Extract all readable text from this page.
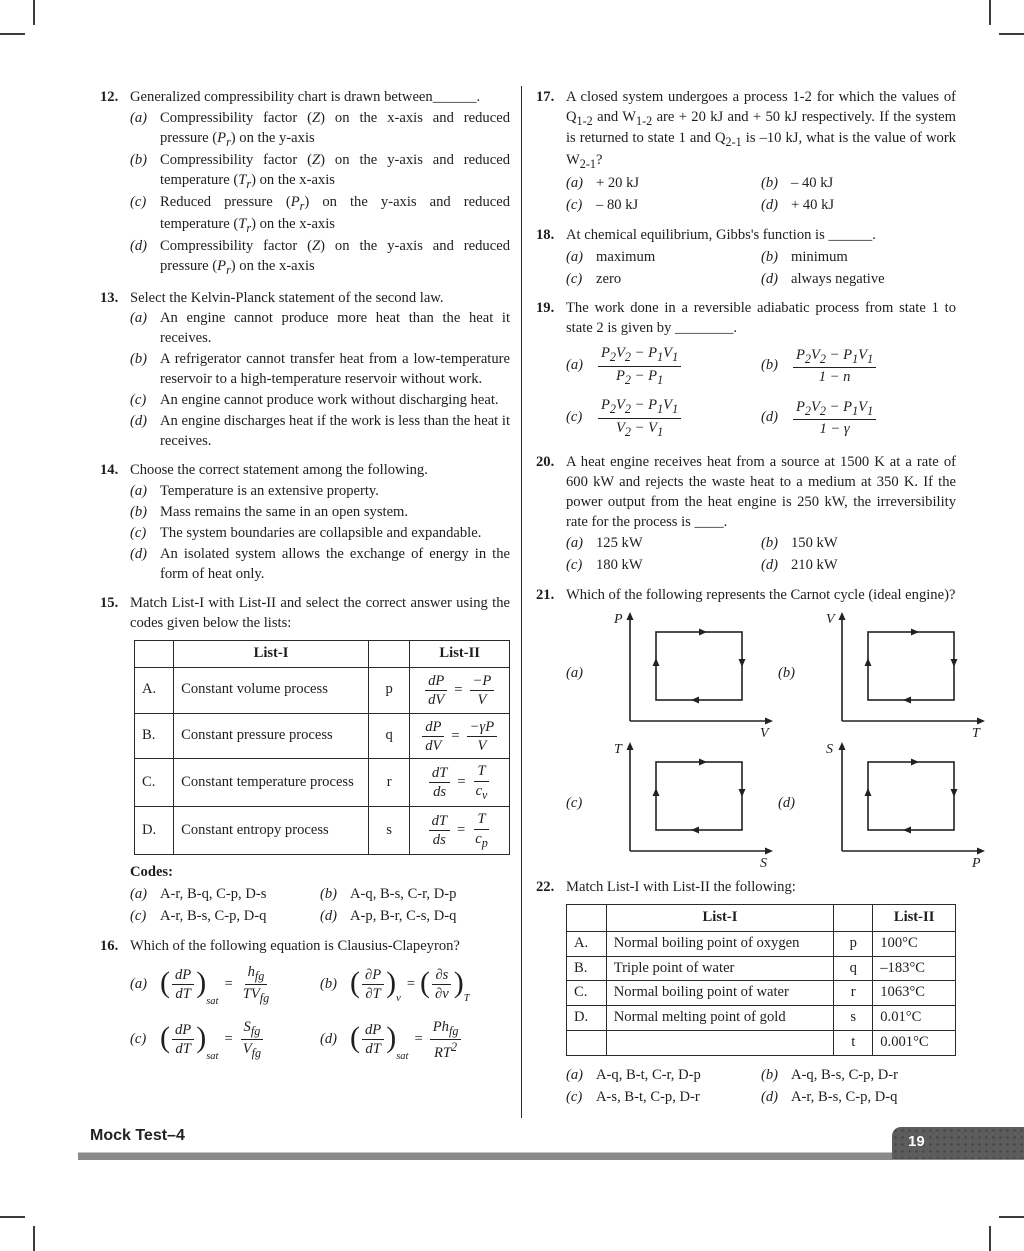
12. Generalized compressibility chart is drawn between______.
(a) Compressibility factor (Z) on the x-axis and reduced pressure $(P_r)$ on the y-axis
(b) Compressibility factor (Z) on the y-axis and reduced temperature $(T_r)$ on the x-axis
(c) Reduced pressure $(P_r)$ on the y-axis and reduced temperature $(T_r)$ on the x-axis
(d) Compressibility factor (Z) on the y-axis and reduced pressure $(P_r)$ on the x-axis
13. Select the Kelvin-Planck statement of the second law.
(a) An engine cannot produce more heat than the heat it receives.
(b) A refrigerator cannot transfer heat from a low-temperature reservoir to a high-temperature reservoir without work.
(c) An engine cannot produce work without discharging heat.
(d) An engine discharges heat if the work is less than the heat it receives.
14. Choose the correct statement among the following.
(a) Temperature is an extensive property.
(b) Mass remains the same in an open system.
(c) The system boundaries are collapsible and expandable.
(d) An isolated system allows the exchange of energy in the form of heat only.
15. Match List-I with List-II and select the correct answer using the codes given below the lists:
	List-I		List-II
A.	Constant volume process	p	$\frac{dP}{dV} = \frac{-P}{V}$

B.	Constant pressure process	q	$\frac{dP}{dV} = \frac{-\gamma P}{V}$

C.	Constant temperature process	r	$\frac{dT}{ds} = \frac{T}{c_v}$

D.	Constant entropy process	s	$\frac{dT}{ds} = \frac{T}{c_p}$
Codes:
(a) A-r, B-q, C-p, D-s	(b) A-q, B-s, C-r, D-p
(c) A-r, B-s, C-p, D-q	(d) A-p, B-r, C-s, D-q
16. Which of the following equation is Clausius-Clapeyron?
(a) ( $\frac{dP}{dT}$ )
sat
= $\frac{h_{fg}}{TV_{fg}}$	(b) ( $\frac{\partial P}{\partial T}$ ) v
= ( $\frac{\partial s}{\partial v}$ ) T
(c) ( $\frac{dP}{dT}$ )
sat
= $\frac{S_{fg}}{V_{fg}}$	(d) ( $\frac{dP}{dT}$ )
sat
= $\frac{Ph_{fg}}{RT^2}$
17. A closed system undergoes a process 1-2 for which the values of $Q_{1-2}$ and $W_{1-2}$ are + 20 kJ and + 50 kJ respectively. If the system is returned to state 1 and $Q_{2-1}$ is –10 kJ, what is the value of work $W_{2-1}$?
(a) + 20 kJ	(b) – 40 kJ
(c) – 80 kJ	(d) + 40 kJ
18. At chemical equilibrium, Gibbs's function is ______.
(a) maximum	(b) minimum
(c) zero	(d) always negative
19. The work done in a reversible adiabatic process from state 1 to state 2 is given by ________.
(a)	$\frac{P_2V_2 - P_1V_1}{P_2 - P_1}$	(b)	$\frac{P_2V_2 - P_1V_1}{1 - n}$
(c)	$\frac{P_2V_2 - P_1V_1}{V_2 - V_1}$	(d)	$\frac{P_2V_2 - P_1V_1}{1 - \gamma}$
20. A heat engine receives heat from a source at 1500 K at a rate of 600 kW and rejects the waste heat to a medium at 350 K. If the power output from the heat engine is 250 kW, the irreversibility rate for the process is ____.
(a) 125 kW	(b) 150 kW
(c) 180 kW	(d) 210 kW
21. Which of the following represents the Carnot cycle (ideal engine)?
(a)
P
V
(b)
V
T
(c)
T
S
(d)
S
P
22. Match List-I with List-II the following:
	List-I		List-II
A.	Normal boiling point of oxygen	p	100°C
B.	Triple point of water	q	–183°C
C.	Normal boiling point of water	r	1063°C
D.	Normal melting point of gold	s	0.01°C
		t	0.001°C
(a) A-q, B-t, C-r, D-p	(b) A-q, B-s, C-p, D-r
(c) A-s, B-t, C-p, D-r	(d) A-r, B-s, C-p, D-q
Mock Test–4	19
